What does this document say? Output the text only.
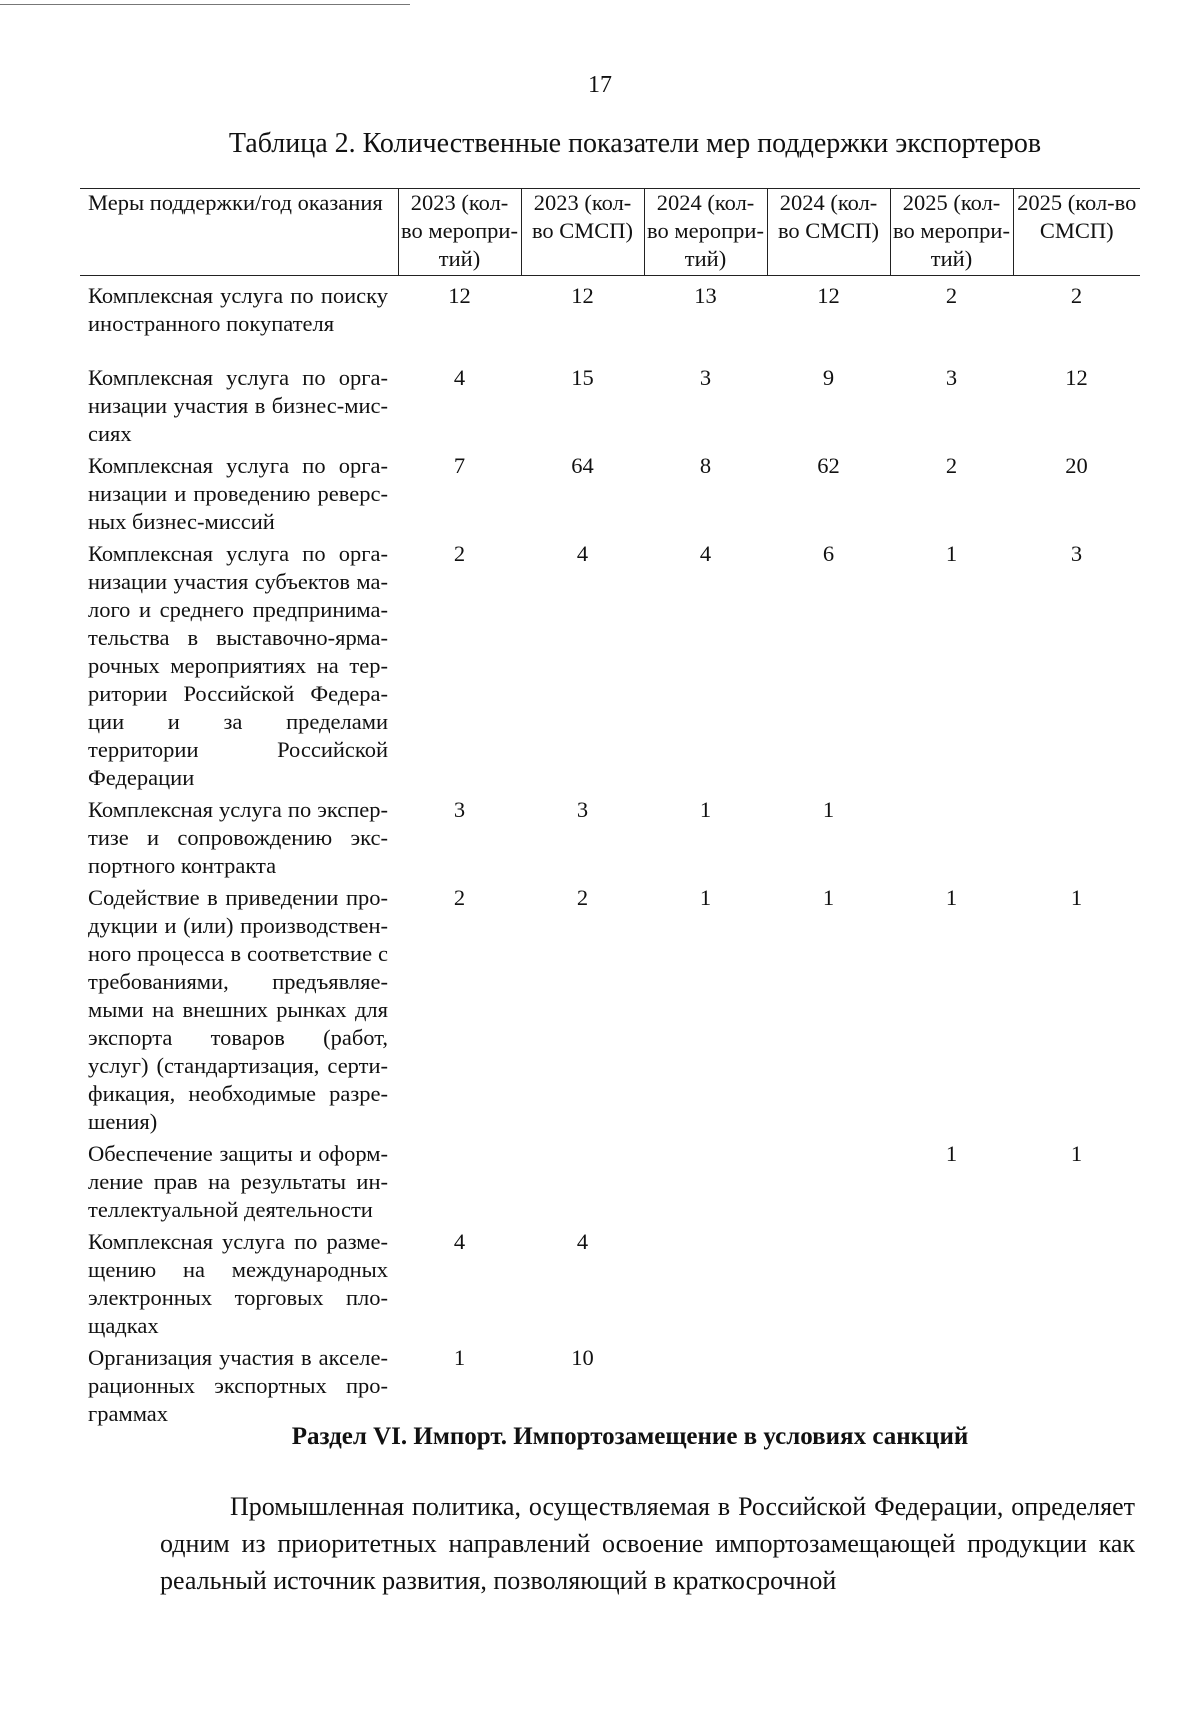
17
Таблица 2. Количественные показатели мер поддержки экспортеров
Меры поддержки/год оказания	2023 (кол-во меропри-тий)	2023 (кол-во СМСП)	2024 (кол-во меропри-тий)	2024 (кол-во СМСП)	2025 (кол-во меропри-тий)	2025 (кол-во СМСП)
Комплексная услуга по поиску иностранного покупателя	12	12	13	12	2	2
Комплексная услуга по орга-низации участия в бизнес-мис-сиях	4	15	3	9	3	12
Комплексная услуга по орга-низации и проведению реверс-ных бизнес-миссий	7	64	8	62	2	20
Комплексная услуга по орга-низации участия субъектов ма-лого и среднего предпринима-тельства в выставочно-ярма-рочных мероприятиях на тер-ритории Российской Федера-ции и за пределами территории Российской Федерации	2	4	4	6	1	3
Комплексная услуга по экспер-тизе и сопровождению экс-портного контракта	3	3	1	1		
Содействие в приведении про-дукции и (или) производствен-ного процесса в соответствие с требованиями, предъявляе-мыми на внешних рынках для экспорта товаров (работ, услуг) (стандартизация, серти-фикация, необходимые разре-шения)	2	2	1	1	1	1
Обеспечение защиты и оформ-ление прав на результаты ин-теллектуальной деятельности					1	1
Комплексная услуга по разме-щению на международных электронных торговых пло-щадках	4	4				
Организация участия в акселе-рационных экспортных про-граммах	1	10				
Раздел VI. Импорт. Импортозамещение в условиях санкций

Промышленная политика, осуществляемая в Российской Федерации, определяет одним из приоритетных направлений освоение импортозамещающей продукции как реальный источник развития, позволяющий в краткосрочной
